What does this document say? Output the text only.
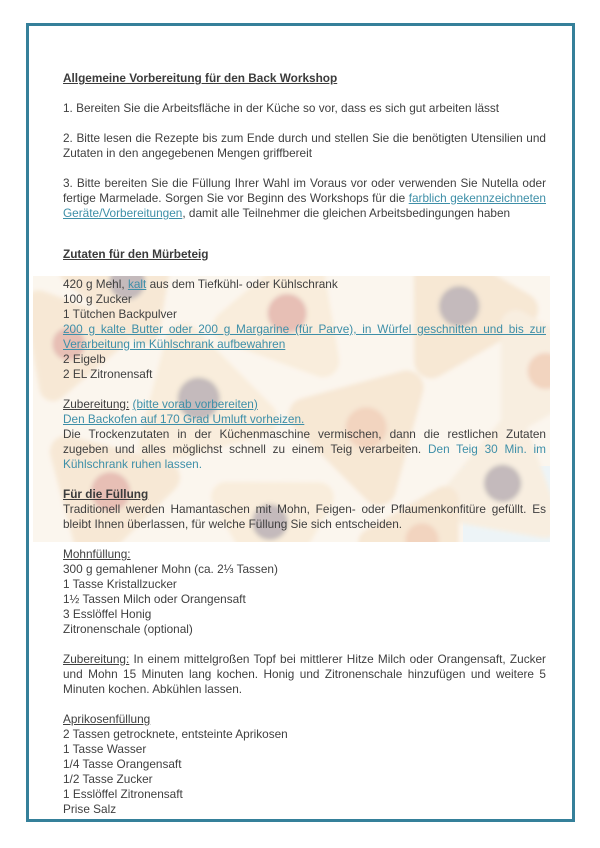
Allgemeine Vorbereitung für den Back Workshop

1. Bereiten Sie die Arbeitsfläche in der Küche so vor, dass es sich gut arbeiten lässt

2. Bitte lesen die Rezepte bis zum Ende durch und stellen Sie die benötigten Utensilien und Zutaten in den angegebenen Mengen griffbereit

3. Bitte bereiten Sie die Füllung Ihrer Wahl im Voraus vor oder verwenden Sie Nutella oder fertige Marmelade. Sorgen Sie vor Beginn des Workshops für die farblich gekennzeichneten Geräte/Vorbereitungen, damit alle Teilnehmer die gleichen Arbeitsbedingungen haben

Zutaten für den Mürbeteig

420 g Mehl, kalt aus dem Tiefkühl- oder Kühlschrank

100 g Zucker

1 Tütchen Backpulver

200 g kalte Butter oder 200 g Margarine (für Parve), in Würfel geschnitten und bis zur Verarbeitung im Kühlschrank aufbewahren

2 Eigelb

2 EL Zitronensaft

Zubereitung: (bitte vorab vorbereiten)

Den Backofen auf 170 Grad Umluft vorheizen.

Die Trockenzutaten in der Küchenmaschine vermischen, dann die restlichen Zutaten zugeben und alles möglichst schnell zu einem Teig verarbeiten. Den Teig 30 Min. im Kühlschrank ruhen lassen.

Für die Füllung

Traditionell werden Hamantaschen mit Mohn, Feigen- oder Pflaumenkonfitüre gefüllt. Es bleibt Ihnen überlassen, für welche Füllung Sie sich entscheiden.

Mohnfüllung:

300 g gemahlener Mohn (ca. 2⅓ Tassen)

1 Tasse Kristallzucker

1½ Tassen Milch oder Orangensaft

3 Esslöffel Honig

Zitronenschale (optional)

Zubereitung: In einem mittelgroßen Topf bei mittlerer Hitze Milch oder Orangensaft, Zucker und Mohn 15 Minuten lang kochen. Honig und Zitronenschale hinzufügen und weitere 5 Minuten kochen. Abkühlen lassen.

Aprikosenfüllung

2 Tassen getrocknete, entsteinte Aprikosen

1 Tasse Wasser

1/4 Tasse Orangensaft

1/2 Tasse Zucker

1 Esslöffel Zitronensaft

Prise Salz
